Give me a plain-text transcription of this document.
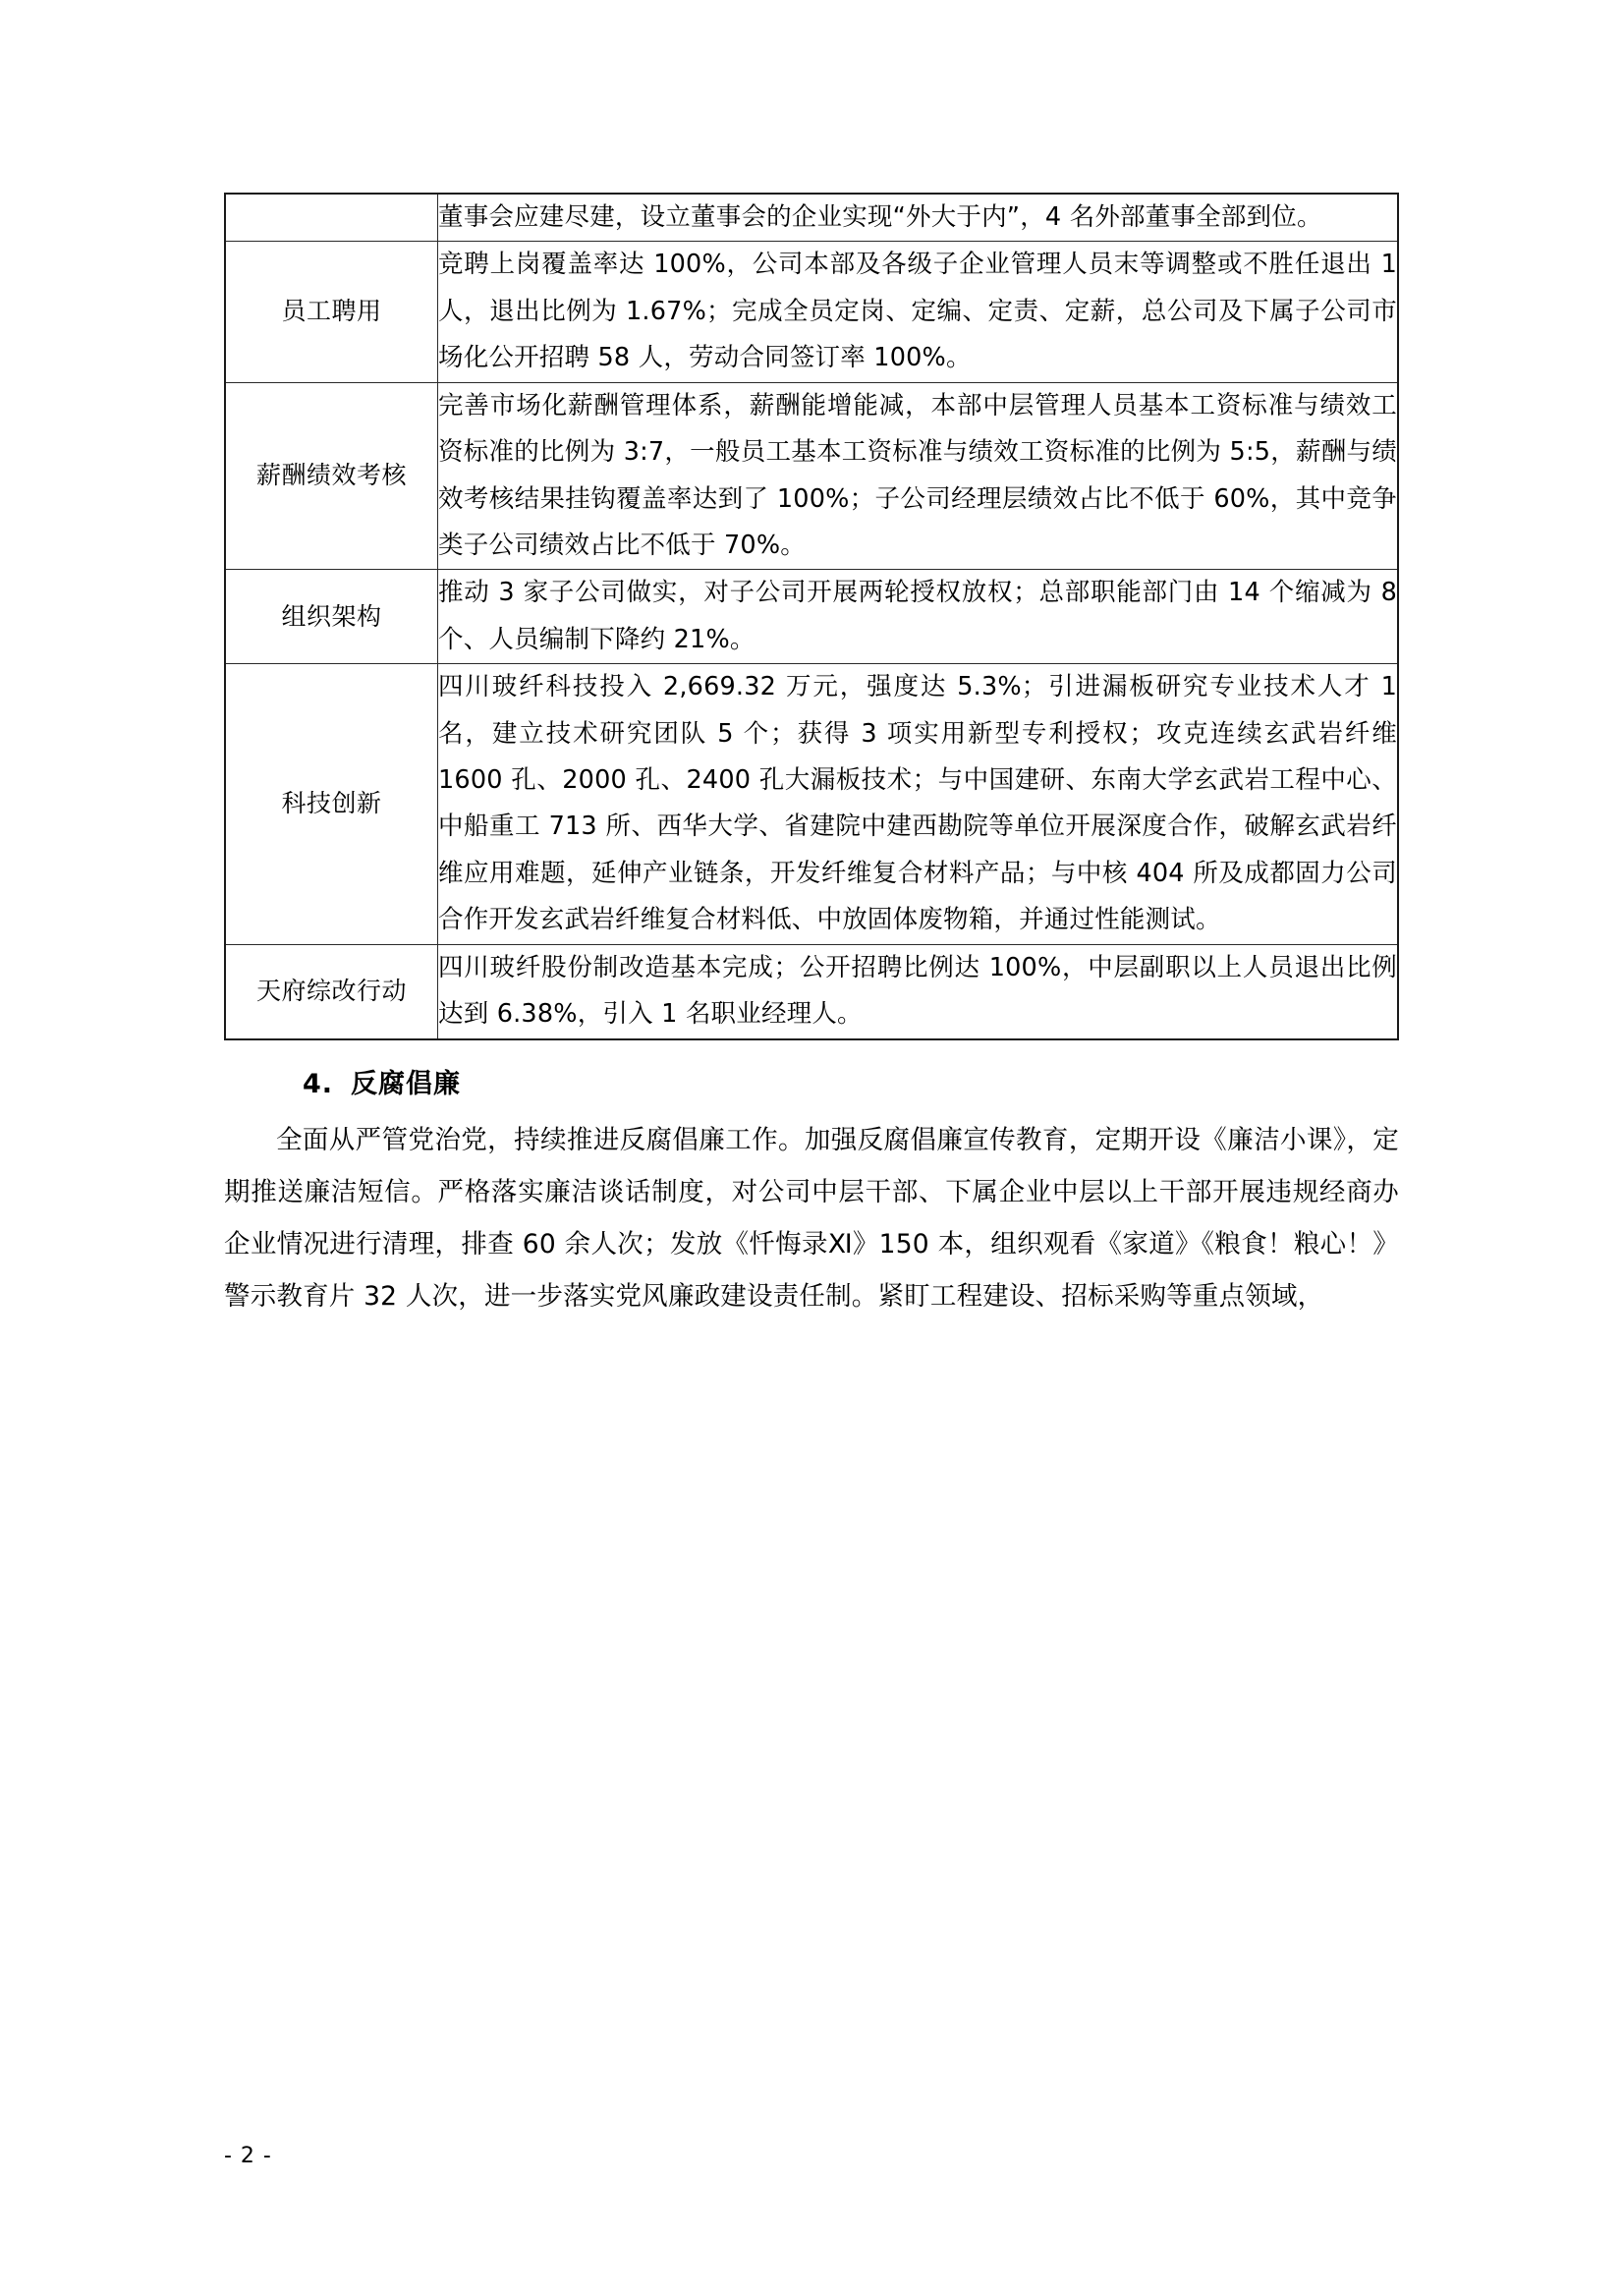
	董事会应建尽建，设立董事会的企业实现“外大于内”，4 名外部董事全部到位。

员工聘用	竞聘上岗覆盖率达 100%，公司本部及各级子企业管理人员末等调整或不胜任退出 1 人，退出比例为 1.67%；完成全员定岗、定编、定责、定薪，总公司及下属子公司市场化公开招聘 58 人，劳动合同签订率 100%。

薪酬绩效考核	完善市场化薪酬管理体系，薪酬能增能减，本部中层管理人员基本工资标准与绩效工资标准的比例为 3:7，一般员工基本工资标准与绩效工资标准的比例为 5:5，薪酬与绩效考核结果挂钩覆盖率达到了 100%；子公司经理层绩效占比不低于 60%，其中竞争类子公司绩效占比不低于 70%。

组织架构	推动 3 家子公司做实，对子公司开展两轮授权放权；总部职能部门由 14 个缩减为 8 个、人员编制下降约 21%。

科技创新	四川玻纤科技投入 2,669.32 万元，强度达 5.3%；引进漏板研究专业技术人才 1 名，建立技术研究团队 5 个；获得 3 项实用新型专利授权；攻克连续玄武岩纤维 1600 孔、2000 孔、2400 孔大漏板技术；与中国建研、东南大学玄武岩工程中心、中船重工 713 所、西华大学、省建院中建西勘院等单位开展深度合作，破解玄武岩纤维应用难题，延伸产业链条，开发纤维复合材料产品；与中核 404 所及成都固力公司合作开发玄武岩纤维复合材料低、中放固体废物箱，并通过性能测试。

天府综改行动	四川玻纤股份制改造基本完成；公开招聘比例达 100%，中层副职以上人员退出比例达到 6.38%，引入 1 名职业经理人。

4. 反腐倡廉

全面从严管党治党，持续推进反腐倡廉工作。加强反腐倡廉宣传教育，定期开设《廉洁小课》，定期推送廉洁短信。严格落实廉洁谈话制度，对公司中层干部、下属企业中层以上干部开展违规经商办企业情况进行清理，排查 60 余人次；发放《忏悔录Ⅺ》150 本，组织观看《家道》《粮食！粮心！》警示教育片 32 人次，进一步落实党风廉政建设责任制。紧盯工程建设、招标采购等重点领域，

- 2 -
